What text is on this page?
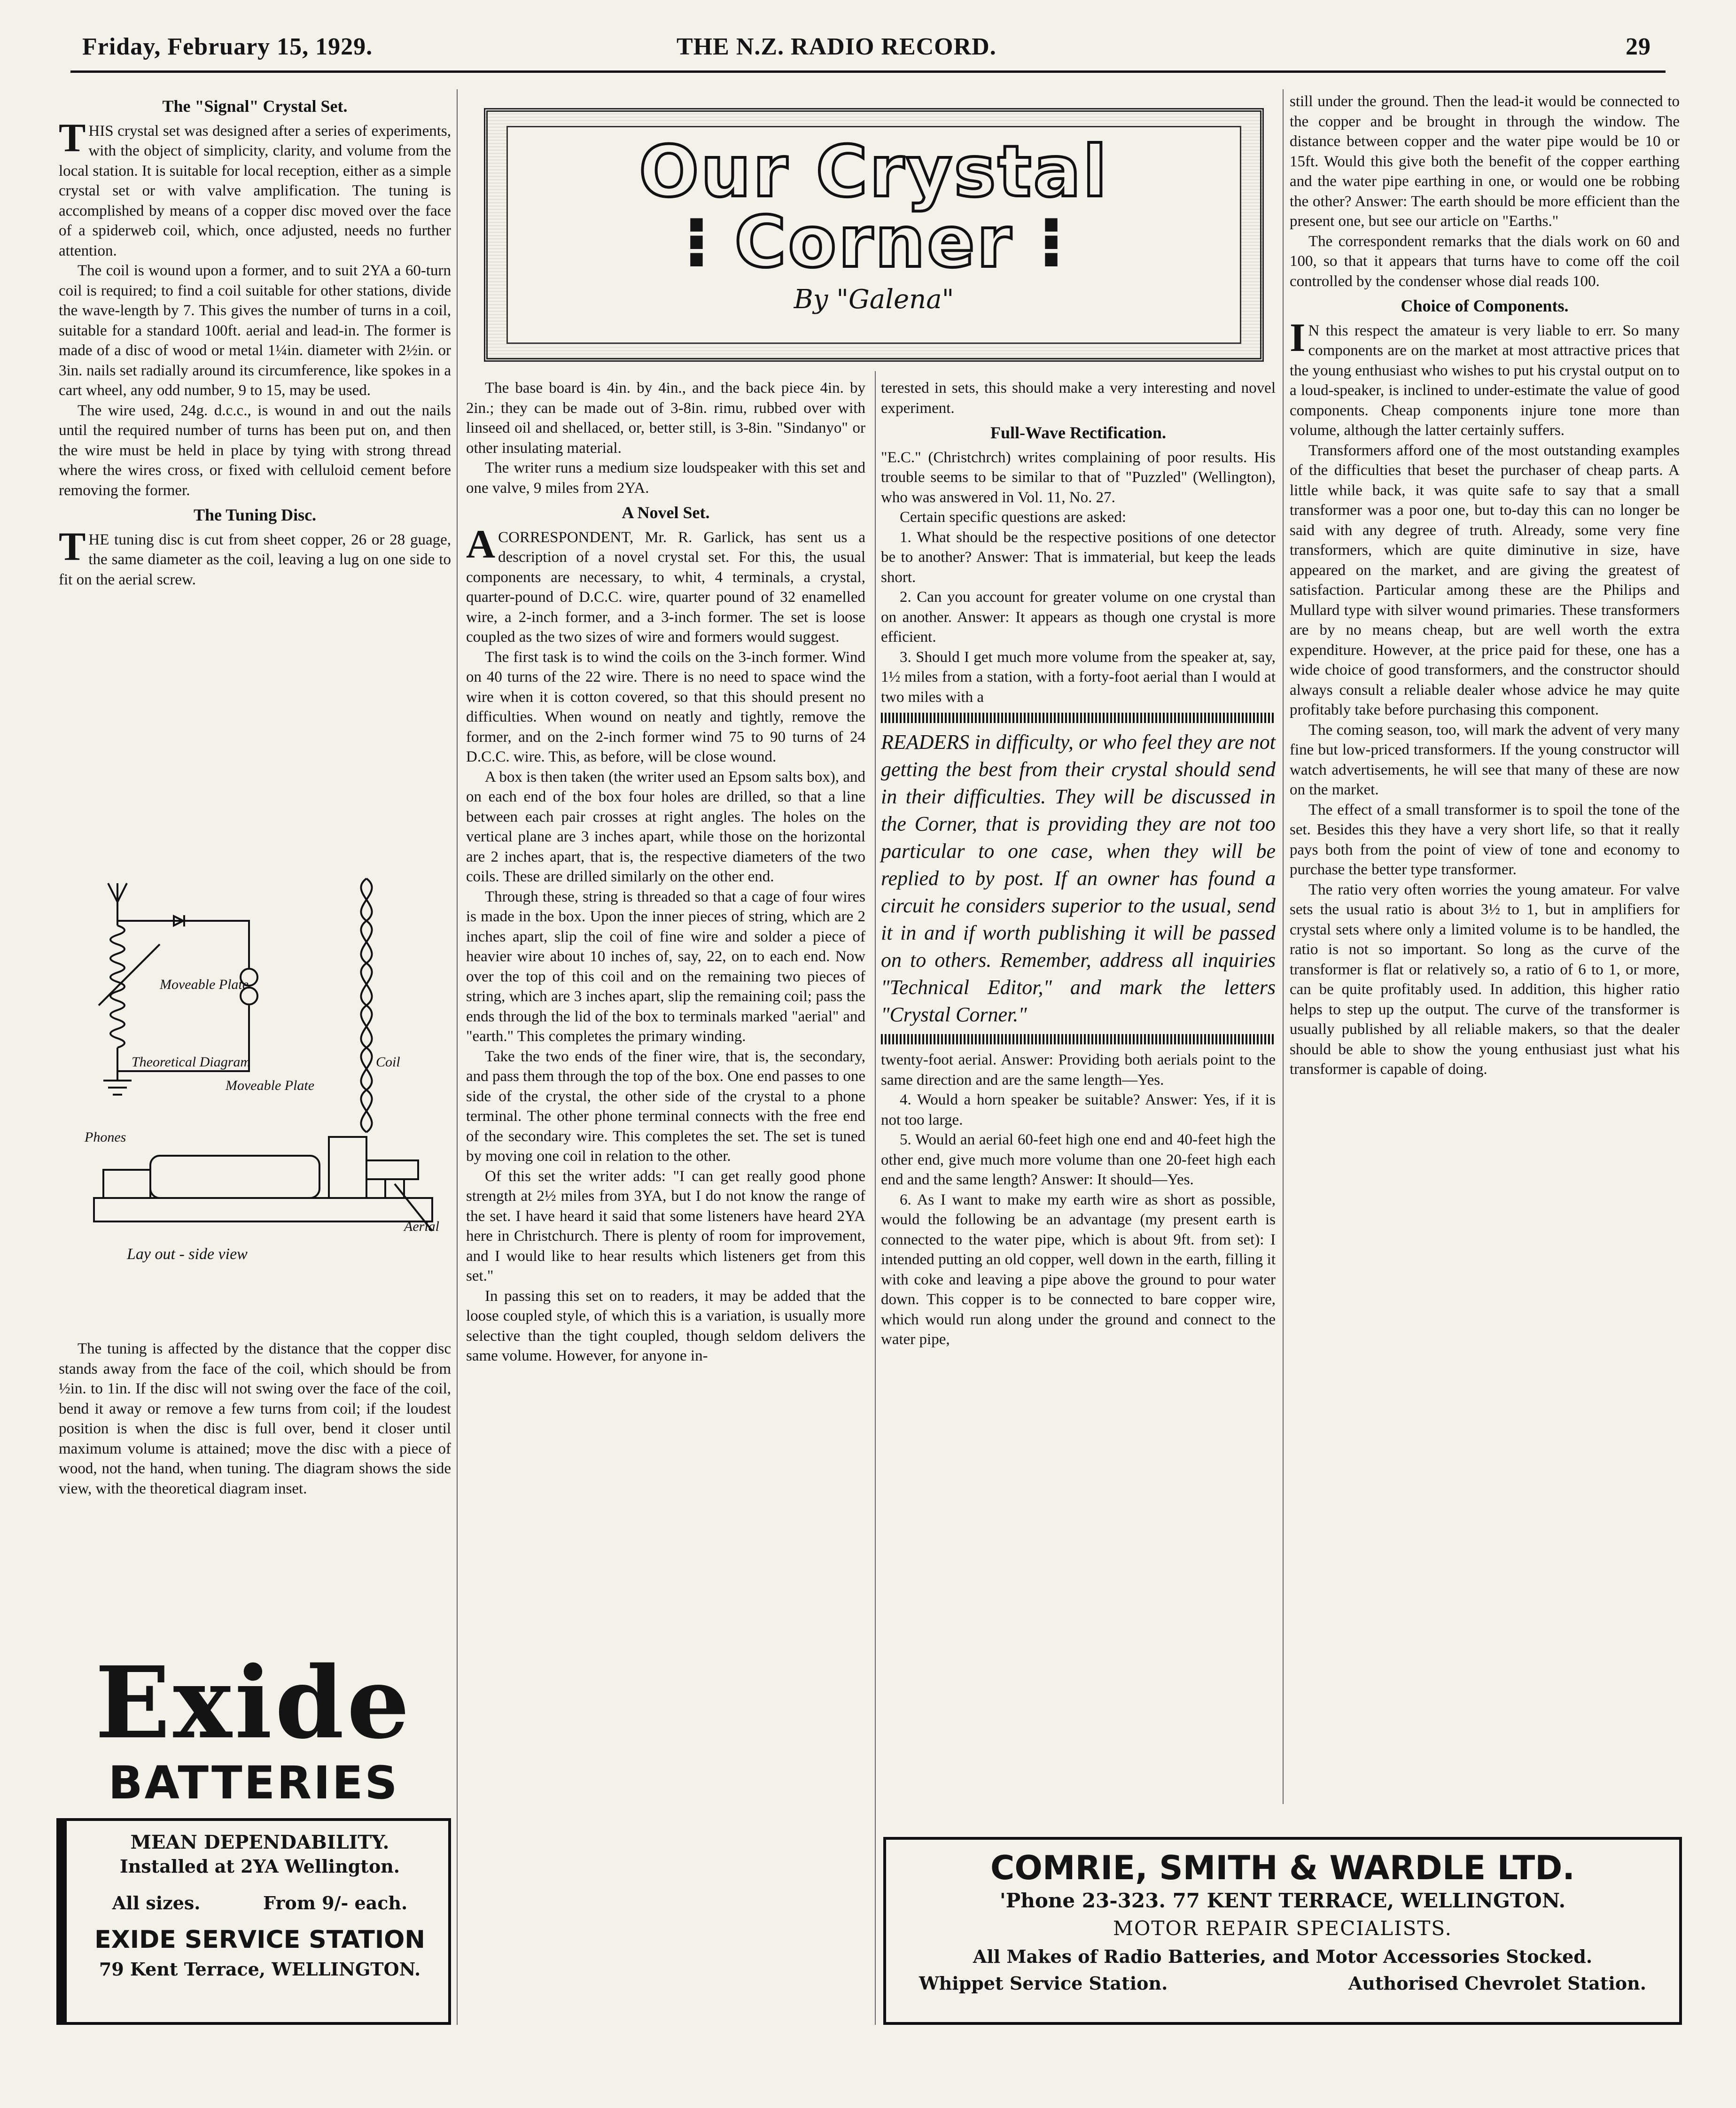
Friday, February 15, 1929.	THE N.Z. RADIO RECORD.	29
Our Crystal
⁝ Corner ⁝
By "Galena"
The "Signal" Crystal Set.

THIS crystal set was designed after a series of experiments, with the object of simplicity, clarity, and volume from the local station. It is suitable for local reception, either as a simple crystal set or with valve amplification. The tuning is accomplished by means of a copper disc moved over the face of a spiderweb coil, which, once adjusted, needs no further attention.

The coil is wound upon a former, and to suit 2YA a 60-turn coil is required; to find a coil suitable for other stations, divide the wave-length by 7. This gives the number of turns in a coil, suitable for a standard 100ft. aerial and lead-in. The former is made of a disc of wood or metal 1¼in. diameter with 2½in. or 3in. nails set radially around its circumference, like spokes in a cart wheel, any odd number, 9 to 15, may be used.

The wire used, 24g. d.c.c., is wound in and out the nails until the required number of turns has been put on, and then the wire must be held in place by tying with strong thread where the wires cross, or fixed with celluloid cement before removing the former.

The Tuning Disc.

THE tuning disc is cut from sheet copper, 26 or 28 guage, the same diameter as the coil, leaving a lug on one side to fit on the aerial screw.

Moveable Plate
Theoretical Diagram	Coil
Moveable Plate
Phones
Aerial
Lay out - side view

The tuning is affected by the distance that the copper disc stands away from the face of the coil, which should be from ½in. to 1in. If the disc will not swing over the face of the coil, bend it away or remove a few turns from coil; if the loudest position is when the disc is full over, bend it closer until maximum volume is attained; move the disc with a piece of wood, not the hand, when tuning. The diagram shows the side view, with the theoretical diagram inset.

Exide
BATTERIES
MEAN DEPENDABILITY.
Installed at 2YA Wellington.
All sizes.	From 9/- each.
EXIDE SERVICE STATION
79 Kent Terrace, WELLINGTON.

The base board is 4in. by 4in., and the back piece 4in. by 2in.; they can be made out of 3-8in. rimu, rubbed over with linseed oil and shellaced, or, better still, is 3-8in. "Sindanyo" or other insulating material.

The writer runs a medium size loudspeaker with this set and one valve, 9 miles from 2YA.

A Novel Set.

A CORRESPONDENT, Mr. R. Garlick, has sent us a description of a novel crystal set. For this, the usual components are necessary, to whit, 4 terminals, a crystal, quarter-pound of D.C.C. wire, quarter pound of 32 enamelled wire, a 2-inch former, and a 3-inch former. The set is loose coupled as the two sizes of wire and formers would suggest.

The first task is to wind the coils on the 3-inch former. Wind on 40 turns of the 22 wire. There is no need to space wind the wire when it is cotton covered, so that this should present no difficulties. When wound on neatly and tightly, remove the former, and on the 2-inch former wind 75 to 90 turns of 24 D.C.C. wire. This, as before, will be close wound.

A box is then taken (the writer used an Epsom salts box), and on each end of the box four holes are drilled, so that a line between each pair crosses at right angles. The holes on the vertical plane are 3 inches apart, while those on the horizontal are 2 inches apart, that is, the respective diameters of the two coils. These are drilled similarly on the other end.

Through these, string is threaded so that a cage of four wires is made in the box. Upon the inner pieces of string, which are 2 inches apart, slip the coil of fine wire and solder a piece of heavier wire about 10 inches of, say, 22, on to each end. Now over the top of this coil and on the remaining two pieces of string, which are 3 inches apart, slip the remaining coil; pass the ends through the lid of the box to terminals marked "aerial" and "earth." This completes the primary winding.

Take the two ends of the finer wire, that is, the secondary, and pass them through the top of the box. One end passes to one side of the crystal, the other side of the crystal to a phone terminal. The other phone terminal connects with the free end of the secondary wire. This completes the set. The set is tuned by moving one coil in relation to the other.

Of this set the writer adds: "I can get really good phone strength at 2½ miles from 3YA, but I do not know the range of the set. I have heard it said that some listeners have heard 2YA here in Christchurch. There is plenty of room for improvement, and I would like to hear results which listeners get from this set."

In passing this set on to readers, it may be added that the loose coupled style, of which this is a variation, is usually more selective than the tight coupled, though seldom delivers the same volume. However, for anyone in-

terested in sets, this should make a very interesting and novel experiment.

Full-Wave Rectification.

"E.C." (Christchrch) writes complaining of poor results. His trouble seems to be similar to that of "Puzzled" (Wellington), who was answered in Vol. 11, No. 27.

Certain specific questions are asked:

1. What should be the respective positions of one detector be to another? Answer: That is immaterial, but keep the leads short.

2. Can you account for greater volume on one crystal than on another. Answer: It appears as though one crystal is more efficient.

3. Should I get much more volume from the speaker at, say, 1½ miles from a station, with a forty-foot aerial than I would at two miles with a

READERS in difficulty, or who feel they are not getting the best from their crystal should send in their difficulties. They will be discussed in the Corner, that is providing they are not too particular to one case, when they will be replied to by post. If an owner has found a circuit he considers superior to the usual, send it in and if worth publishing it will be passed on to others. Remember, address all inquiries "Technical Editor," and mark the letters "Crystal Corner."

twenty-foot aerial. Answer: Providing both aerials point to the same direction and are the same length—Yes.

4. Would a horn speaker be suitable? Answer: Yes, if it is not too large.

5. Would an aerial 60-feet high one end and 40-feet high the other end, give much more volume than one 20-feet high each end and the same length? Answer: It should—Yes.

6. As I want to make my earth wire as short as possible, would the following be an advantage (my present earth is connected to the water pipe, which is about 9ft. from set): I intended putting an old copper, well down in the earth, filling it with coke and leaving a pipe above the ground to pour water down. This copper is to be connected to bare copper wire, which would run along under the ground and connect to the water pipe,

still under the ground. Then the lead-it would be connected to the copper and be brought in through the window. The distance between copper and the water pipe would be 10 or 15ft. Would this give both the benefit of the copper earthing and the water pipe earthing in one, or would one be robbing the other? Answer: The earth should be more efficient than the present one, but see our article on "Earths."

The correspondent remarks that the dials work on 60 and 100, so that it appears that turns have to come off the coil controlled by the condenser whose dial reads 100.

Choice of Components.

I N this respect the amateur is very liable to err. So many components are on the market at most attractive prices that the young enthusiast who wishes to put his crystal output on to a loud-speaker, is inclined to under-estimate the value of good components. Cheap components injure tone more than volume, although the latter certainly suffers.

Transformers afford one of the most outstanding examples of the difficulties that beset the purchaser of cheap parts. A little while back, it was quite safe to say that a small transformer was a poor one, but to-day this can no longer be said with any degree of truth. Already, some very fine transformers, which are quite diminutive in size, have appeared on the market, and are giving the greatest of satisfaction. Particular among these are the Philips and Mullard type with silver wound primaries. These transformers are by no means cheap, but are well worth the extra expenditure. However, at the price paid for these, one has a wide choice of good transformers, and the constructor should always consult a reliable dealer whose advice he may quite profitably take before purchasing this component.

The coming season, too, will mark the advent of very many fine but low-priced transformers. If the young constructor will watch advertisements, he will see that many of these are now on the market.

The effect of a small transformer is to spoil the tone of the set. Besides this they have a very short life, so that it really pays both from the point of view of tone and economy to purchase the better type transformer.

The ratio very often worries the young amateur. For valve sets the usual ratio is about 3½ to 1, but in amplifiers for crystal sets where only a limited volume is to be handled, the ratio is not so important. So long as the curve of the transformer is flat or relatively so, a ratio of 6 to 1, or more, can be quite profitably used. In addition, this higher ratio helps to step up the output. The curve of the transformer is usually published by all reliable makers, so that the dealer should be able to show the young enthusiast just what his transformer is capable of doing.

COMRIE, SMITH & WARDLE LTD.
'Phone 23-323. 77 KENT TERRACE, WELLINGTON.
MOTOR REPAIR SPECIALISTS.
All Makes of Radio Batteries, and Motor Accessories Stocked.
Whippet Service Station.	Authorised Chevrolet Station.
